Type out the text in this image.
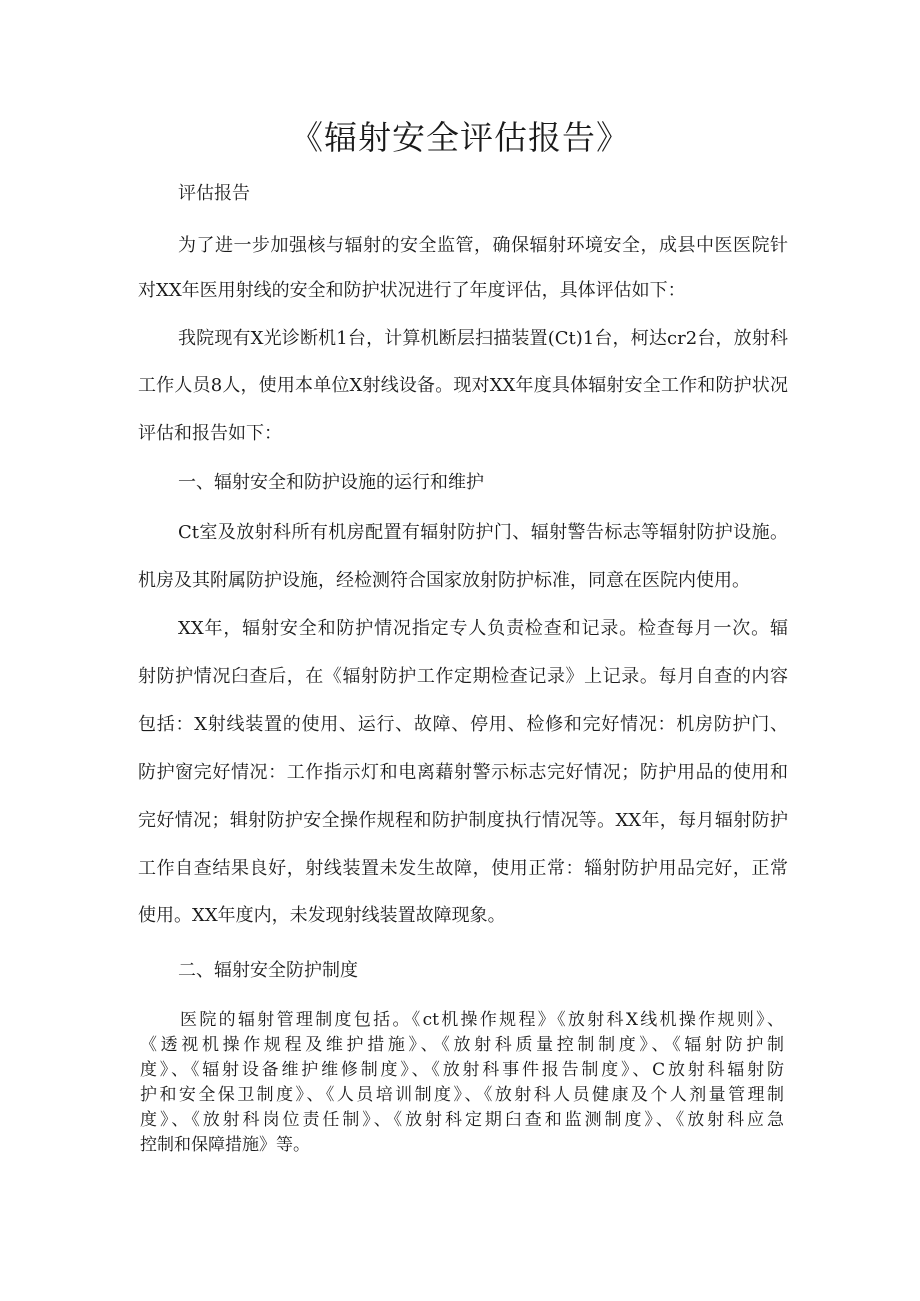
《辐射安全评估报告》

评估报告

为了进一步加强核与辐射的安全监管，确保辐射环境安全，成县中医医院针

对XX年医用射线的安全和防护状况进行了年度评估，具体评估如下：

我院现有X光诊断机1台，计算机断层扫描装置(Ct)1台，柯达cr2台，放射科

工作人员8人，使用本单位X射线设备。现对XX年度具体辐射安全工作和防护状况

评估和报告如下：

一、辐射安全和防护设施的运行和维护

Ct室及放射科所有机房配置有辐射防护门、辐射警告标志等辐射防护设施。

机房及其附属防护设施，经检测符合国家放射防护标准，同意在医院内使用。

XX年，辐射安全和防护情况指定专人负责检查和记录。检查每月一次。辐

射防护情况臼查后，在《辐射防护工作定期检查记录》上记录。每月自查的内容

包括：X射线装置的使用、运行、故障、停用、检修和完好情况：机房防护门、

防护窗完好情况：工作指示灯和电离藉射警示标志完好情况；防护用品的使用和

完好情况；辑射防护安全操作规程和防护制度执行情况等。XX年，每月辐射防护

工作自查结果良好，射线装置未发生故障，使用正常：辎射防护用品完好，正常

使用。XX年度内，未发现射线装置故障现象。

二、辐射安全防护制度

医院的辐射管理制度包括。《ct机操作规程》《放射科X线机操作规则》、

《透视机操作规程及维护措施》、《放射科质量控制制度》、《辐射防护制

度》、《辐射设备维护维修制度》、《放射科事件报告制度》、C放射科辐射防

护和安全保卫制度》、《人员培训制度》、《放射科人员健康及个人剂量管理制

度》、《放射科岗位责任制》、《放射科定期臼查和监测制度》、《放射科应急

控制和保障措施》等。
